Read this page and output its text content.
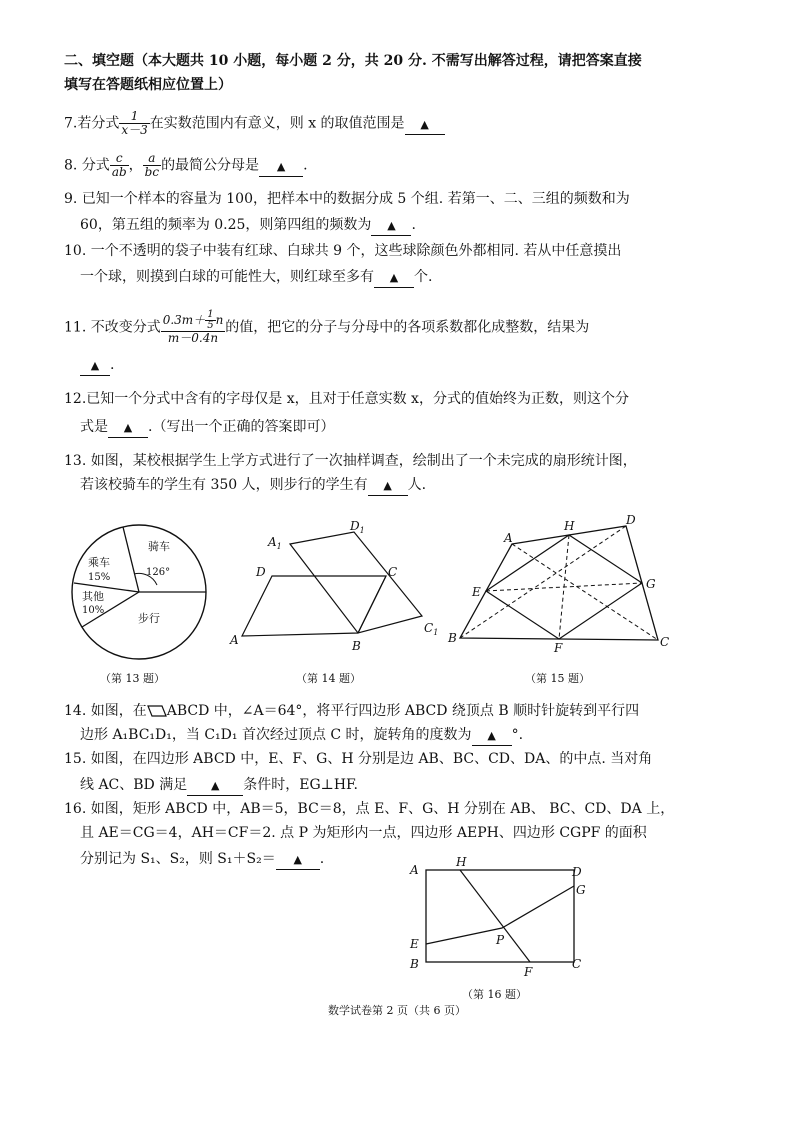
二、填空题（本大题共 10 小题，每小题 2 分，共 20 分. 不需写出解答过程，请把答案直接
填写在答题纸相应位置上）
7.若分式 $\frac{1}{x-3}$ 在实数范围内有意义，则 x 的取值范围是 ▲
8. 分式 $\frac{c}{ab}$ ， $\frac{a}{bc}$ 的最简公分母是 ▲ .
9. 已知一个样本的容量为 100，把样本中的数据分成 5 个组. 若第一、二、三组的频数和为
60，第五组的频率为 0.25，则第四组的频数为 ▲ .
10. 一个不透明的袋子中装有红球、白球共 9 个，这些球除颜色外都相同. 若从中任意摸出
一个球，则摸到白球的可能性大，则红球至多有 ▲ 个.
11. 不改变分式 $\frac{0.3m+ \frac{1}{5} n}{m-0.4n}$ 的值，把它的分子与分母中的各项系数都化成整数，结果为
▲ .
12.已知一个分式中含有的字母仅是 x，且对于任意实数 x，分式的值始终为正数，则这个分
式是 ▲ .（写出一个正确的答案即可）
13. 如图，某校根据学生上学方式进行了一次抽样调查，绘制出了一个未完成的扇形统计图，
若该校骑车的学生有 350 人，则步行的学生有 ▲ 人.
骑车
126°
乘车
15%
其他
10%
步行
（第 13 题）
A
D	C
B
$A_1$
$D_1$
$C_1$
（第 14 题）
A
H	D
E
G
B
F	C
（第 15 题）
14. 如图，在 ABCD 中，∠A＝64°，将平行四边形 ABCD 绕顶点 B 顺时针旋转到平行四
边形 A₁BC₁D₁，当 C₁D₁ 首次经过顶点 C 时，旋转角的度数为 ▲ °.
15. 如图，在四边形 ABCD 中，E、F、G、H 分别是边 AB、BC、CD、DA、的中点. 当对角
线 AC、BD 满足 ▲ 条件时，EG⊥HF.
16. 如图，矩形 ABCD 中，AB＝5，BC＝8，点 E、F、G、H 分别在 AB、 BC、CD、DA 上，
且 AE＝CG＝4，AH＝CF＝2. 点 P 为矩形内一点，四边形 AEPH、四边形 CGPF 的面积
分别记为 S₁、S₂，则 S₁＋S₂＝ ▲ .
A
H
D
G
E	P
B
F
C
（第 16 题）
数学试卷第 2 页（共 6 页）
